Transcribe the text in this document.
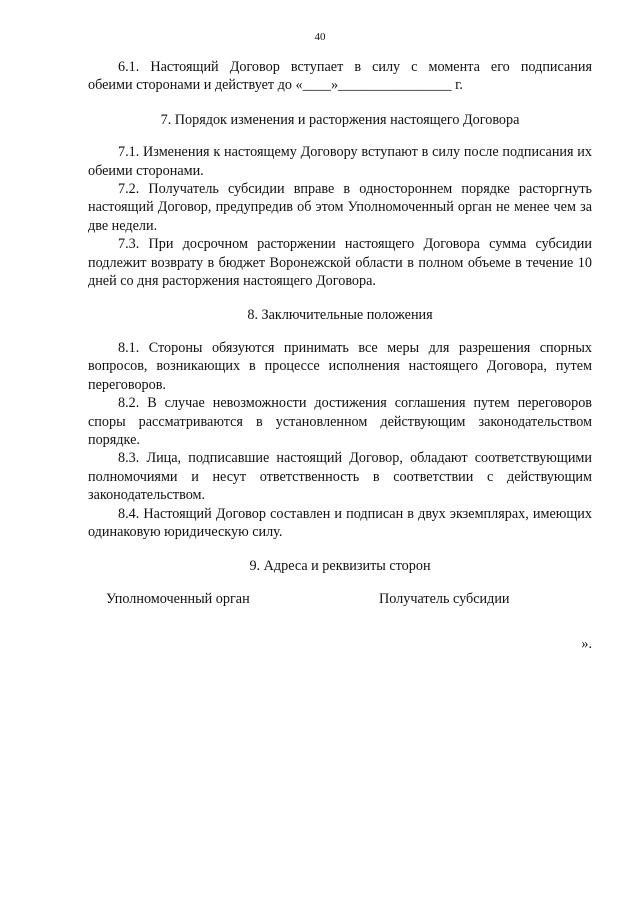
40

6.1. Настоящий Договор вступает в силу с момента его подписания

обеими сторонами и действует до «____»________________ г.

7. Порядок изменения и расторжения настоящего Договора

7.1. Изменения к настоящему Договору вступают в силу после подписания их обеими сторонами.

7.2. Получатель субсидии вправе в одностороннем порядке расторгнуть настоящий Договор, предупредив об этом Уполномоченный орган не менее чем за две недели.

7.3. При досрочном расторжении настоящего Договора сумма субсидии подлежит возврату в бюджет Воронежской области в полном объеме в течение 10 дней со дня расторжения настоящего Договора.

8. Заключительные положения

8.1. Стороны обязуются принимать все меры для разрешения спорных вопросов, возникающих в процессе исполнения настоящего Договора, путем переговоров.

8.2. В случае невозможности достижения соглашения путем переговоров споры рассматриваются в установленном действующим законодательством порядке.

8.3. Лица, подписавшие настоящий Договор, обладают соответствующими полномочиями и несут ответственность в соответствии с действующим законодательством.

8.4. Настоящий Договор составлен и подписан в двух экземплярах, имеющих одинаковую юридическую силу.

9. Адреса и реквизиты сторон

Уполномоченный орган	Получатель субсидии
».
